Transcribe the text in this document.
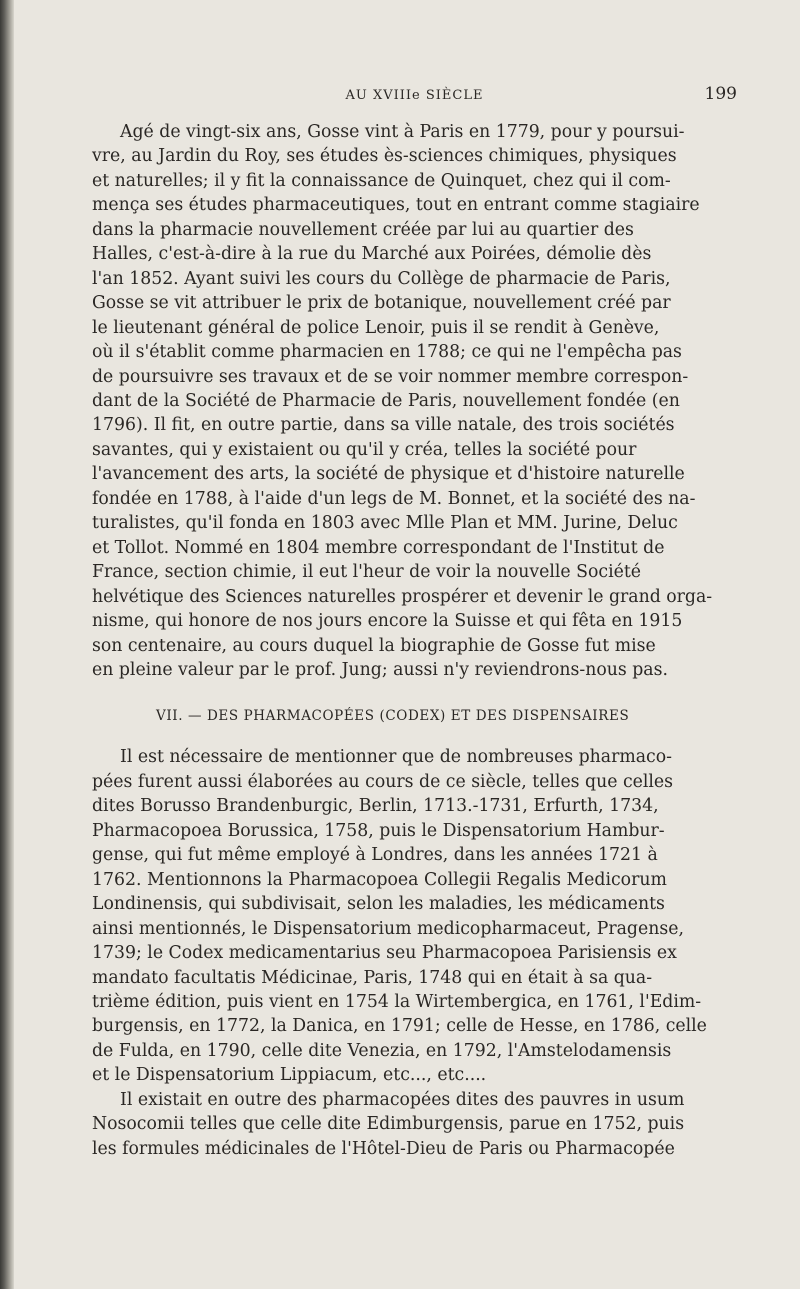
AU XVIIIe SIÈCLE	199

Agé de vingt-six ans, Gosse vint à Paris en 1779, pour y poursui-
vre, au Jardin du Roy, ses études ès-sciences chimiques, physiques
et naturelles; il y fit la connaissance de Quinquet, chez qui il com-
mença ses études pharmaceutiques, tout en entrant comme stagiaire
dans la pharmacie nouvellement créée par lui au quartier des
Halles, c'est-à-dire à la rue du Marché aux Poirées, démolie dès
l'an 1852. Ayant suivi les cours du Collège de pharmacie de Paris,
Gosse se vit attribuer le prix de botanique, nouvellement créé par
le lieutenant général de police Lenoir, puis il se rendit à Genève,
où il s'établit comme pharmacien en 1788; ce qui ne l'empêcha pas
de poursuivre ses travaux et de se voir nommer membre correspon-
dant de la Société de Pharmacie de Paris, nouvellement fondée (en
1796). Il fit, en outre partie, dans sa ville natale, des trois sociétés
savantes, qui y existaient ou qu'il y créa, telles la société pour
l'avancement des arts, la société de physique et d'histoire naturelle
fondée en 1788, à l'aide d'un legs de M. Bonnet, et la société des na-
turalistes, qu'il fonda en 1803 avec Mlle Plan et MM. Jurine, Deluc
et Tollot. Nommé en 1804 membre correspondant de l'Institut de
France, section chimie, il eut l'heur de voir la nouvelle Société
helvétique des Sciences naturelles prospérer et devenir le grand orga-
nisme, qui honore de nos jours encore la Suisse et qui fêta en 1915
son centenaire, au cours duquel la biographie de Gosse fut mise
en pleine valeur par le prof. Jung; aussi n'y reviendrons-nous pas.

VII. — DES PHARMACOPÉES (CODEX) ET DES DISPENSAIRES

Il est nécessaire de mentionner que de nombreuses pharmaco-
pées furent aussi élaborées au cours de ce siècle, telles que celles
dites Borusso Brandenburgic, Berlin, 1713.-1731, Erfurth, 1734,
Pharmacopoea Borussica, 1758, puis le Dispensatorium Hambur-
gense, qui fut même employé à Londres, dans les années 1721 à
1762. Mentionnons la Pharmacopoea Collegii Regalis Medicorum
Londinensis, qui subdivisait, selon les maladies, les médicaments
ainsi mentionnés, le Dispensatorium medicopharmaceut, Pragense,
1739; le Codex medicamentarius seu Pharmacopoea Parisiensis ex
mandato facultatis Médicinae, Paris, 1748 qui en était à sa qua-
trième édition, puis vient en 1754 la Wirtembergica, en 1761, l'Edim-
burgensis, en 1772, la Danica, en 1791; celle de Hesse, en 1786, celle
de Fulda, en 1790, celle dite Venezia, en 1792, l'Amstelodamensis
et le Dispensatorium Lippiacum, etc..., etc....

Il existait en outre des pharmacopées dites des pauvres in usum
Nosocomii telles que celle dite Edimburgensis, parue en 1752, puis
les formules médicinales de l'Hôtel-Dieu de Paris ou Pharmacopée
